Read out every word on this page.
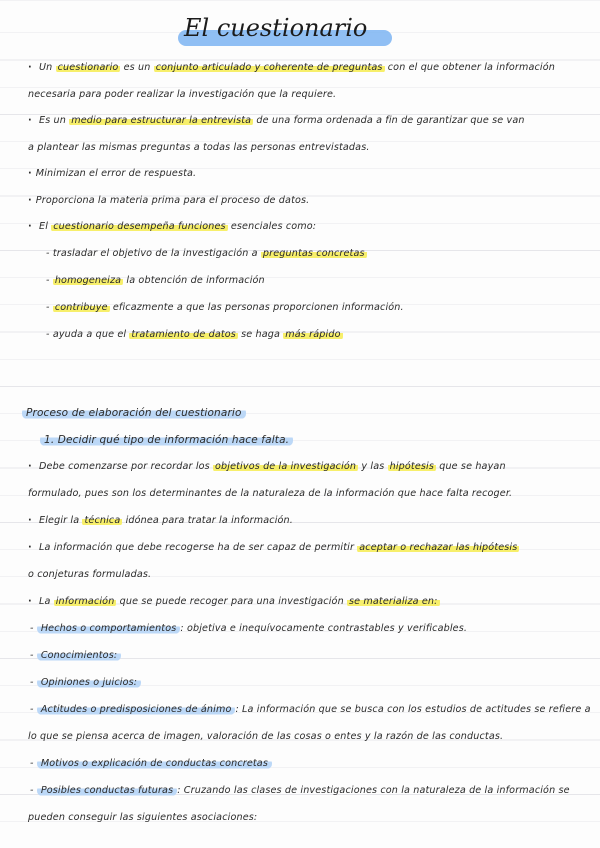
El cuestionario
· Un cuestionario es un conjunto articulado y coherente de preguntas con el que obtener la información
necesaria para poder realizar la investigación que la requiere.
· Es un medio para estructurar la entrevista de una forma ordenada a fin de garantizar que se van
a plantear las mismas preguntas a todas las personas entrevistadas.
· Minimizan el error de respuesta.
· Proporciona la materia prima para el proceso de datos.
· El cuestionario desempeña funciones esenciales como:
- trasladar el objetivo de la investigación a preguntas concretas
- homogeneiza la obtención de información
- contribuye eficazmente a que las personas proporcionen información.
- ayuda a que el tratamiento de datos se haga más rápido
Proceso de elaboración del cuestionario
1. Decidir qué tipo de información hace falta.
· Debe comenzarse por recordar los objetivos de la investigación y las hipótesis que se hayan
formulado, pues son los determinantes de la naturaleza de la información que hace falta recoger.
· Elegir la técnica idónea para tratar la información.
· La información que debe recogerse ha de ser capaz de permitir aceptar o rechazar las hipótesis
o conjeturas formuladas.
· La información que se puede recoger para una investigación se materializa en:
- Hechos o comportamientos : objetiva e inequívocamente contrastables y verificables.
- Conocimientos:
- Opiniones o juicios:
- Actitudes o predisposiciones de ánimo : La información que se busca con los estudios de actitudes se refiere a
lo que se piensa acerca de imagen, valoración de las cosas o entes y la razón de las conductas.
- Motivos o explicación de conductas concretas
- Posibles conductas futuras : Cruzando las clases de investigaciones con la naturaleza de la información se
pueden conseguir las siguientes asociaciones:
